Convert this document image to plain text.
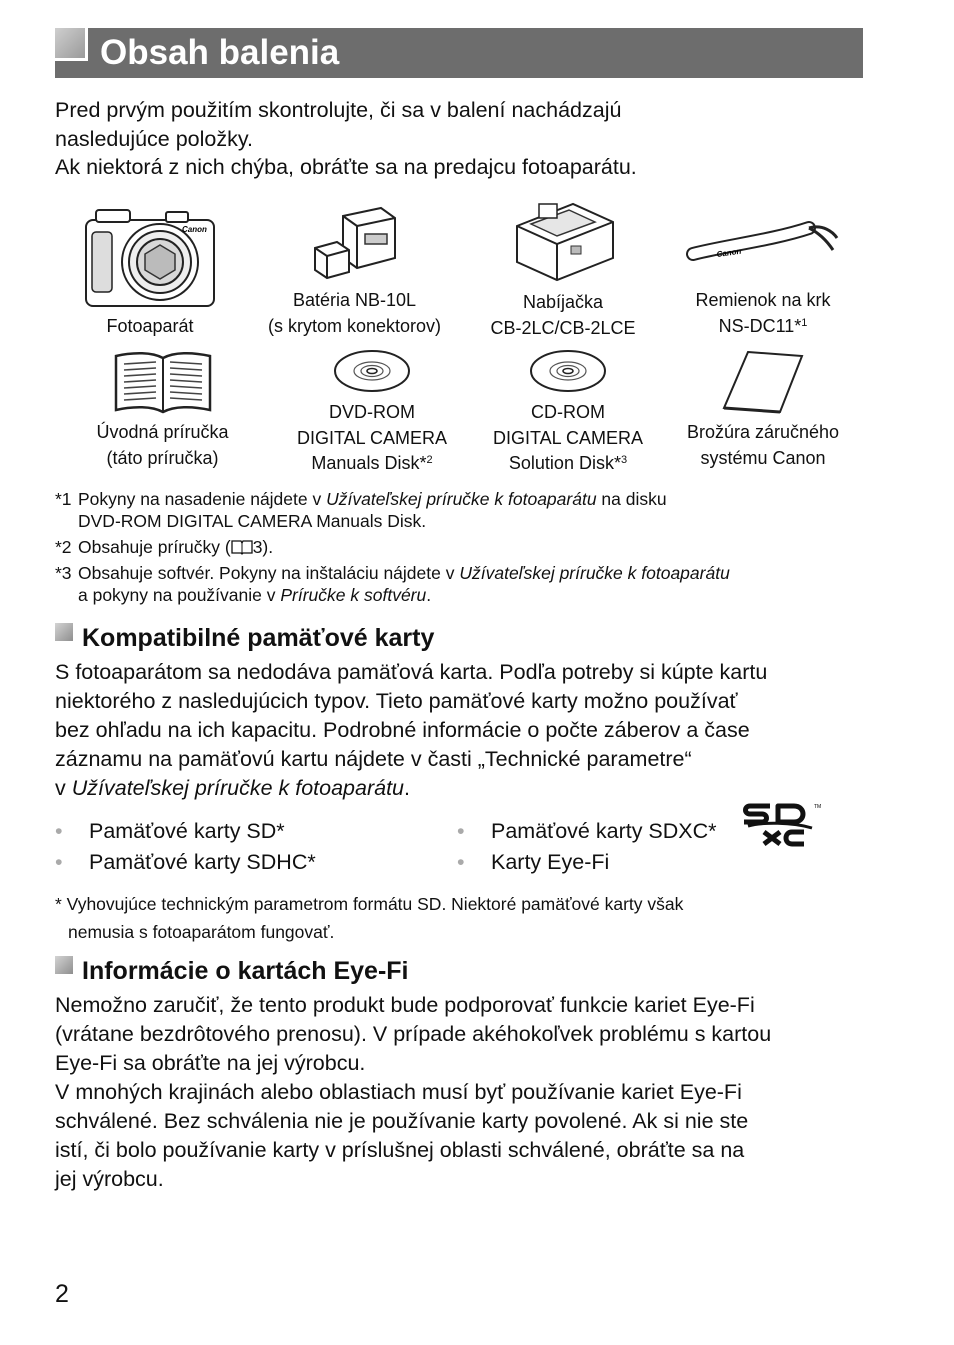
Obsah balenia

Pred prvým použitím skontrolujte, či sa v balení nachádzajú

nasledujúce položky.

Ak niektorá z nich chýba, obráťte sa na predajcu fotoaparátu.

Canon
Fotoaparát
Batéria NB-10L
(s krytom konektorov)
Nabíjačka
CB-2LC/CB-2LCE
Canon
Remienok na krk
NS-DC11*$^1$
Úvodná príručka
(táto príručka)
DVD-ROM
DIGITAL CAMERA
Manuals Disk*$^2$
CD-ROM
DIGITAL CAMERA
Solution Disk*$^3$
Brožúra záručného
systému Canon
*1 Pokyny na nasadenie nájdete v Užívateľskej príručke k fotoaparátu na disku
DVD-ROM DIGITAL CAMERA Manuals Disk.
*2 Obsahuje príručky ( 3).
*3 Obsahuje softvér. Pokyny na inštaláciu nájdete v Užívateľskej príručke k fotoaparátu
a pokyny na používanie v Príručke k softvéru.
Kompatibilné pamäťové karty

S fotoaparátom sa nedodáva pamäťová karta. Podľa potreby si kúpte kartu

niektorého z nasledujúcich typov. Tieto pamäťové karty možno používať

bez ohľadu na ich kapacitu. Podrobné informácie o počte záberov a čase

záznamu na pamäťovú kartu nájdete v časti „Technické parametre“

v Užívateľskej príručke k fotoaparátu.

•	Pamäťové karty SD*
•	Pamäťové karty SDHC*
•	Pamäťové karty SDXC*
•	Karty Eye-Fi
TM
* Vyhovujúce technickým parametrom formátu SD. Niektoré pamäťové karty však
nemusia s fotoaparátom fungovať.
Informácie o kartách Eye-Fi

Nemožno zaručiť, že tento produkt bude podporovať funkcie kariet Eye-Fi

(vrátane bezdrôtového prenosu). V prípade akéhokoľvek problému s kartou

Eye-Fi sa obráťte na jej výrobcu.

V mnohých krajinách alebo oblastiach musí byť používanie kariet Eye-Fi

schválené. Bez schválenia nie je používanie karty povolené. Ak si nie ste

istí, či bolo používanie karty v príslušnej oblasti schválené, obráťte sa na

jej výrobcu.

2
